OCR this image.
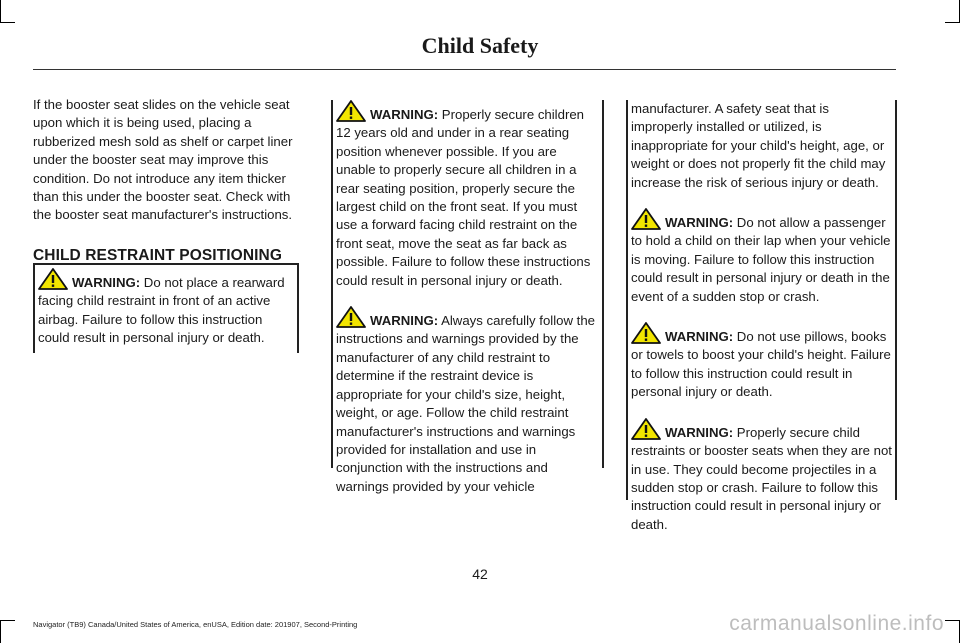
Child Safety

If the booster seat slides on the vehicle seat upon which it is being used, placing a rubberized mesh sold as shelf or carpet liner under the booster seat may improve this condition. Do not introduce any item thicker than this under the booster seat. Check with the booster seat manufacturer's instructions.

CHILD RESTRAINT POSITIONING

WARNING: Do not place a rearward facing child restraint in front of an active airbag. Failure to follow this instruction could result in personal injury or death.

WARNING: Properly secure children 12 years old and under in a rear seating position whenever possible. If you are unable to properly secure all children in a rear seating position, properly secure the largest child on the front seat. If you must use a forward facing child restraint on the front seat, move the seat as far back as possible. Failure to follow these instructions could result in personal injury or death.

WARNING: Always carefully follow the instructions and warnings provided by the manufacturer of any child restraint to determine if the restraint device is appropriate for your child's size, height, weight, or age. Follow the child restraint manufacturer's instructions and warnings provided for installation and use in conjunction with the instructions and warnings provided by your vehicle

manufacturer. A safety seat that is improperly installed or utilized, is inappropriate for your child's height, age, or weight or does not properly fit the child may increase the risk of serious injury or death.

WARNING: Do not allow a passenger to hold a child on their lap when your vehicle is moving. Failure to follow this instruction could result in personal injury or death in the event of a sudden stop or crash.

WARNING: Do not use pillows, books or towels to boost your child's height. Failure to follow this instruction could result in personal injury or death.

WARNING: Properly secure child restraints or booster seats when they are not in use. They could become projectiles in a sudden stop or crash. Failure to follow this instruction could result in personal injury or death.

42
Navigator (TB9) Canada/United States of America, enUSA, Edition date: 201907, Second-Printing	carmanualsonline.info
